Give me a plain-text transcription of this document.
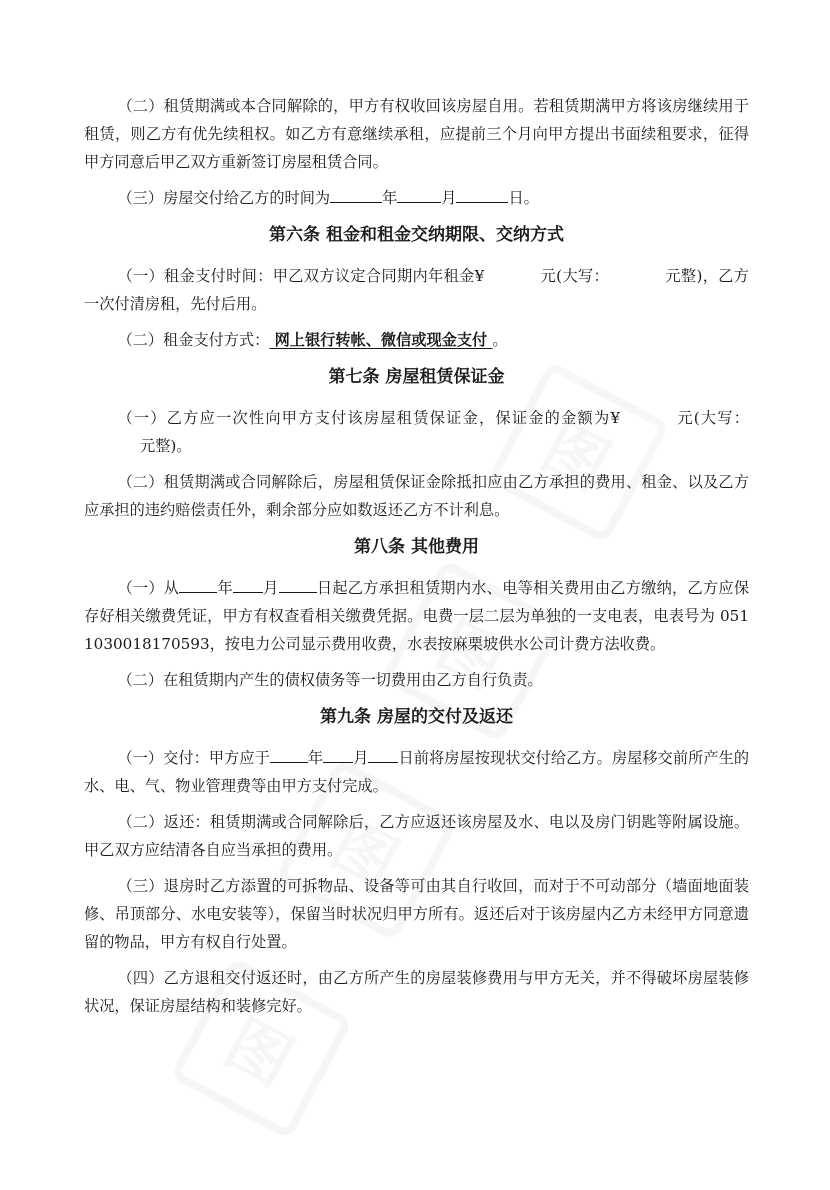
图
图
图
图

（二）租赁期满或本合同解除的，甲方有权收回该房屋自用。若租赁期满甲方将该房继续用于租赁，则乙方有优先续租权。如乙方有意继续承租，应提前三个月向甲方提出书面续租要求，征得甲方同意后甲乙双方重新签订房屋租赁合同。

（三）房屋交付给乙方的时间为	年	月	日。

第六条 租金和租金交纳期限、交纳方式

（一）租金支付时间：甲乙双方议定合同期内年租金¥	元(大写：	元整)，乙方一次付清房租，先付后用。

（二）租金支付方式： 网上银行转帐、微信或现金支付 。

第七条 房屋租赁保证金

（一）乙方应一次性向甲方支付该房屋租赁保证金，保证金的金额为¥	元(大写：元整)。

（二）租赁期满或合同解除后，房屋租赁保证金除抵扣应由乙方承担的费用、租金、以及乙方应承担的违约赔偿责任外，剩余部分应如数返还乙方不计利息。

第八条 其他费用

（一）从	年 月	日起乙方承担租赁期内水、电等相关费用由乙方缴纳，乙方应保存好相关缴费凭证，甲方有权查看相关缴费凭据。电费一层二层为单独的一支电表，电表号为 0511030018170593，按电力公司显示费用收费，水表按麻栗坡供水公司计费方法收费。

（二）在租赁期内产生的债权债务等一切费用由乙方自行负责。

第九条 房屋的交付及返还

（一）交付：甲方应于	年 月 日前将房屋按现状交付给乙方。房屋移交前所产生的水、电、气、物业管理费等由甲方支付完成。

（二）返还：租赁期满或合同解除后，乙方应返还该房屋及水、电以及房门钥匙等附属设施。甲乙双方应结清各自应当承担的费用。

（三）退房时乙方添置的可拆物品、设备等可由其自行收回，而对于不可动部分（墙面地面装修、吊顶部分、水电安装等），保留当时状况归甲方所有。返还后对于该房屋内乙方未经甲方同意遗留的物品，甲方有权自行处置。

（四）乙方退租交付返还时，由乙方所产生的房屋装修费用与甲方无关，并不得破坏房屋装修状况，保证房屋结构和装修完好。
